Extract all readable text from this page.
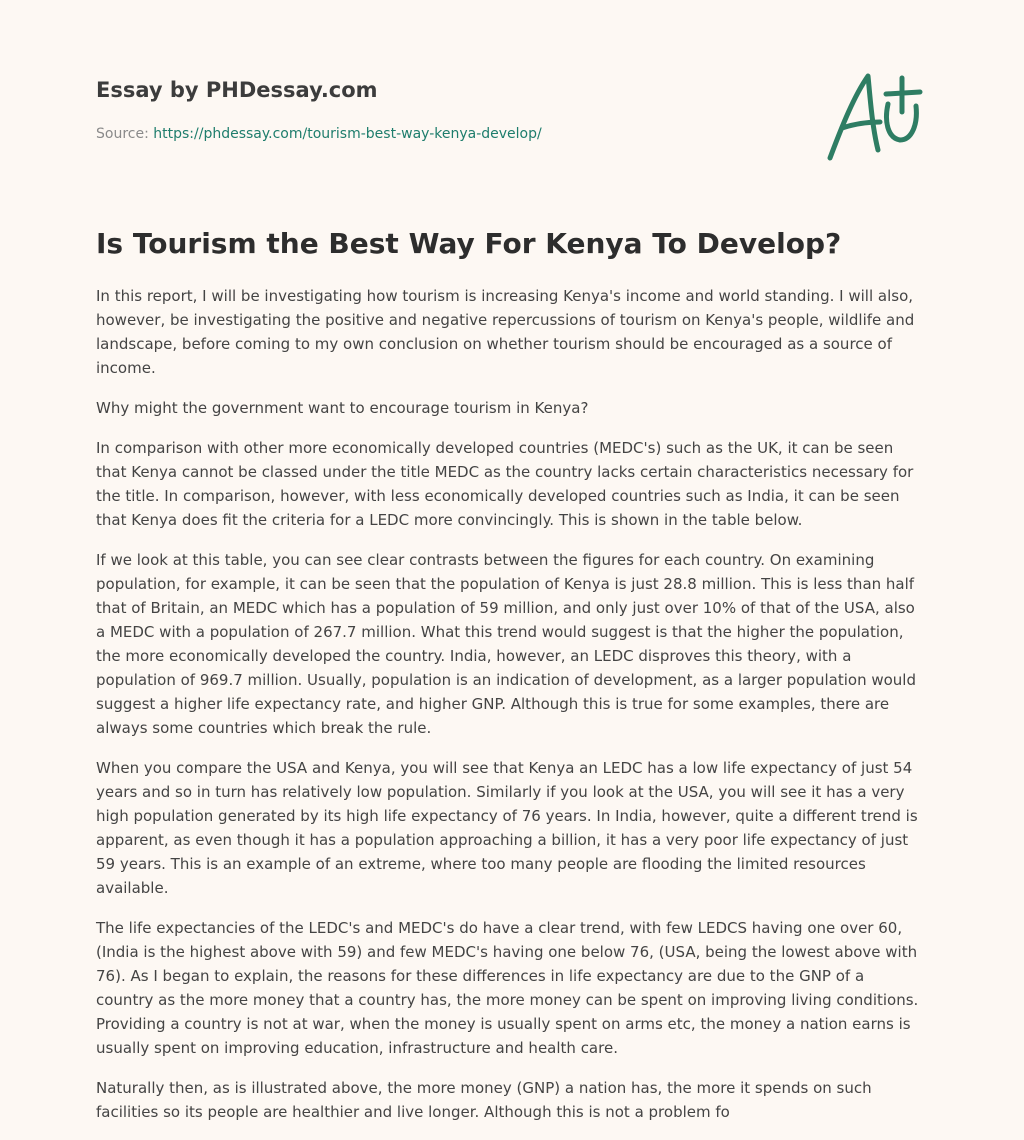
Essay by PHDessay.com
Source: https://phdessay.com/tourism-best-way-kenya-develop/
Is Tourism the Best Way For Kenya To Develop?

In this report, I will be investigating how tourism is increasing Kenya's income and world standing. I will also, however, be investigating the positive and negative repercussions of tourism on Kenya's people, wildlife and landscape, before coming to my own conclusion on whether tourism should be encouraged as a source of income.

Why might the government want to encourage tourism in Kenya?

In comparison with other more economically developed countries (MEDC's) such as the UK, it can be seen that Kenya cannot be classed under the title MEDC as the country lacks certain characteristics necessary for the title. In comparison, however, with less economically developed countries such as India, it can be seen that Kenya does fit the criteria for a LEDC more convincingly. This is shown in the table below.

If we look at this table, you can see clear contrasts between the figures for each country. On examining population, for example, it can be seen that the population of Kenya is just 28.8 million. This is less than half that of Britain, an MEDC which has a population of 59 million, and only just over 10% of that of the USA, also a MEDC with a population of 267.7 million. What this trend would suggest is that the higher the population, the more economically developed the country. India, however, an LEDC disproves this theory, with a population of 969.7 million. Usually, population is an indication of development, as a larger population would suggest a higher life expectancy rate, and higher GNP. Although this is true for some examples, there are always some countries which break the rule.

When you compare the USA and Kenya, you will see that Kenya an LEDC has a low life expectancy of just 54 years and so in turn has relatively low population. Similarly if you look at the USA, you will see it has a very high population generated by its high life expectancy of 76 years. In India, however, quite a different trend is apparent, as even though it has a population approaching a billion, it has a very poor life expectancy of just 59 years. This is an example of an extreme, where too many people are flooding the limited resources available.

The life expectancies of the LEDC's and MEDC's do have a clear trend, with few LEDCS having one over 60, (India is the highest above with 59) and few MEDC's having one below 76, (USA, being the lowest above with 76). As I began to explain, the reasons for these differences in life expectancy are due to the GNP of a country as the more money that a country has, the more money can be spent on improving living conditions. Providing a country is not at war, when the money is usually spent on arms etc, the money a nation earns is usually spent on improving education, infrastructure and health care.

Naturally then, as is illustrated above, the more money (GNP) a nation has, the more it spends on such facilities so its people are healthier and live longer. Although this is not a problem fo
